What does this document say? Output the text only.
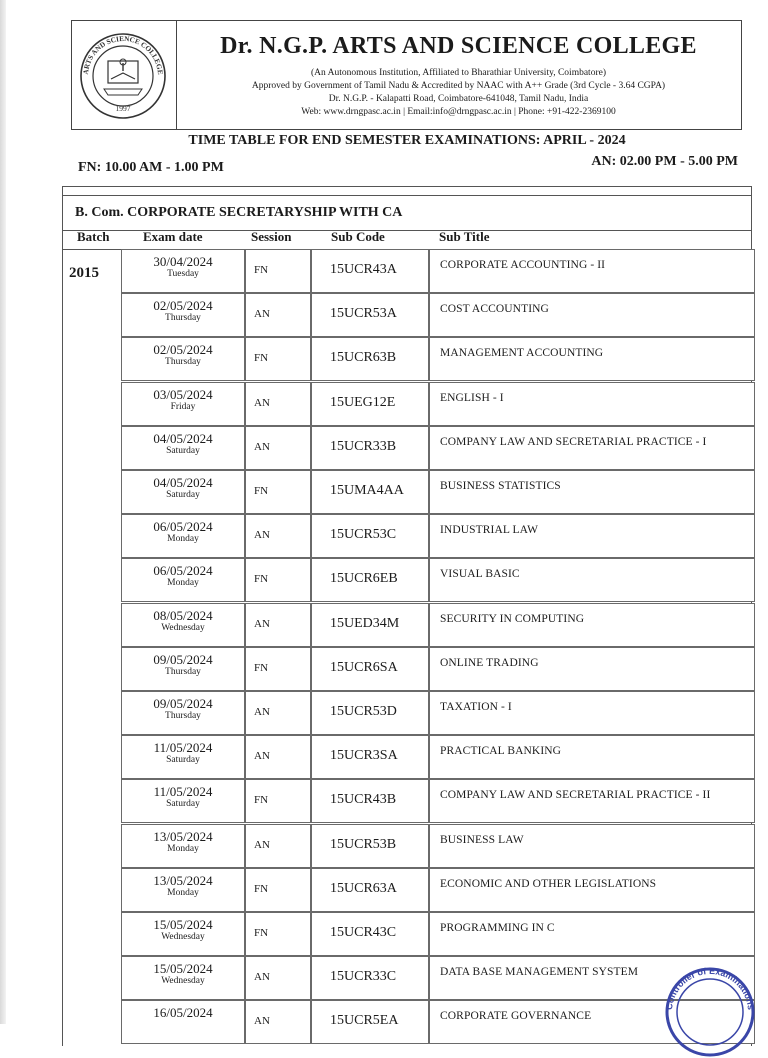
ARTS AND SCIENCE COLLEGE
1997
Dr. N.G.P. ARTS AND SCIENCE COLLEGE
(An Autonomous Institution, Affiliated to Bharathiar University, Coimbatore)
Approved by Government of Tamil Nadu & Accredited by NAAC with A++ Grade (3rd Cycle - 3.64 CGPA)
Dr. N.G.P. - Kalapatti Road, Coimbatore-641048, Tamil Nadu, India
Web: www.drngpasc.ac.in | Email:info@drngpasc.ac.in | Phone: +91-422-2369100
TIME TABLE FOR END SEMESTER EXAMINATIONS: APRIL - 2024
FN: 10.00 AM - 1.00 PM	AN: 02.00 PM - 5.00 PM
B. Com. CORPORATE SECRETARYSHIP WITH CA
Batch	Exam date	Session	Sub Code	Sub Title
2015
30/04/2024
Tuesday	FN	15UCR43A	CORPORATE ACCOUNTING - II
02/05/2024
Thursday	AN	15UCR53A	COST ACCOUNTING
02/05/2024
Thursday	FN	15UCR63B	MANAGEMENT ACCOUNTING
03/05/2024
Friday	AN	15UEG12E	ENGLISH - I
04/05/2024
Saturday	AN	15UCR33B	COMPANY LAW AND SECRETARIAL PRACTICE - I
04/05/2024
Saturday	FN	15UMA4AA	BUSINESS STATISTICS
06/05/2024
Monday	AN	15UCR53C	INDUSTRIAL LAW
06/05/2024
Monday	FN	15UCR6EB	VISUAL BASIC
08/05/2024
Wednesday	AN	15UED34M	SECURITY IN COMPUTING
09/05/2024
Thursday	FN	15UCR6SA	ONLINE TRADING
09/05/2024
Thursday	AN	15UCR53D	TAXATION - I
11/05/2024
Saturday	AN	15UCR3SA	PRACTICAL BANKING
11/05/2024
Saturday	FN	15UCR43B	COMPANY LAW AND SECRETARIAL PRACTICE - II
13/05/2024
Monday	AN	15UCR53B	BUSINESS LAW
13/05/2024
Monday	FN	15UCR63A	ECONOMIC AND OTHER LEGISLATIONS
15/05/2024
Wednesday	FN	15UCR43C	PROGRAMMING IN C
15/05/2024
Wednesday	AN	15UCR33C	DATA BASE MANAGEMENT SYSTEM
16/05/2024
AN	15UCR5EA	CORPORATE GOVERNANCE
Controller of Examinations
